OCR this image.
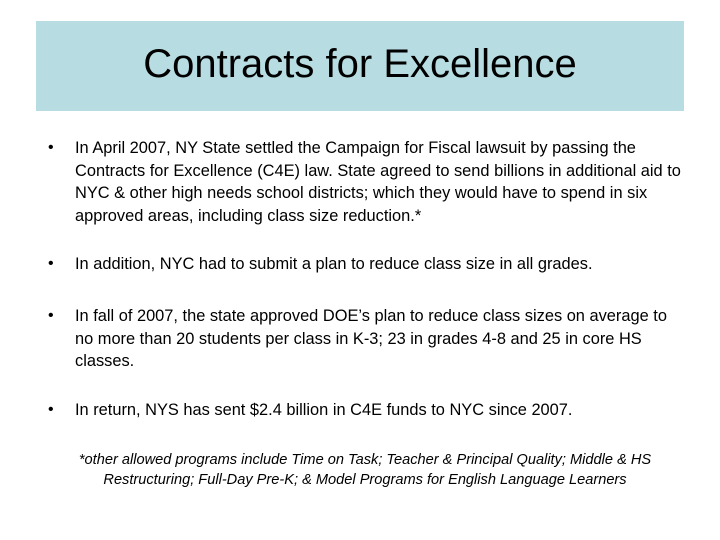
Contracts for Excellence
• In April 2007, NY State settled the Campaign for Fiscal lawsuit by passing the Contracts for Excellence (C4E) law. State agreed to send billions in additional aid to NYC & other high needs school districts; which they would have to spend in six approved areas, including class size reduction.*
• In addition, NYC had to submit a plan to reduce class size in all grades.
• In fall of 2007, the state approved DOE’s plan to reduce class sizes on average to no more than 20 students per class in K-3; 23 in grades 4-8 and 25 in core HS classes.
• In return, NYS has sent $2.4 billion in C4E funds to NYC since 2007.
*other allowed programs include Time on Task; Teacher & Principal Quality; Middle & HS Restructuring; Full-Day Pre-K; & Model Programs for English Language Learners
